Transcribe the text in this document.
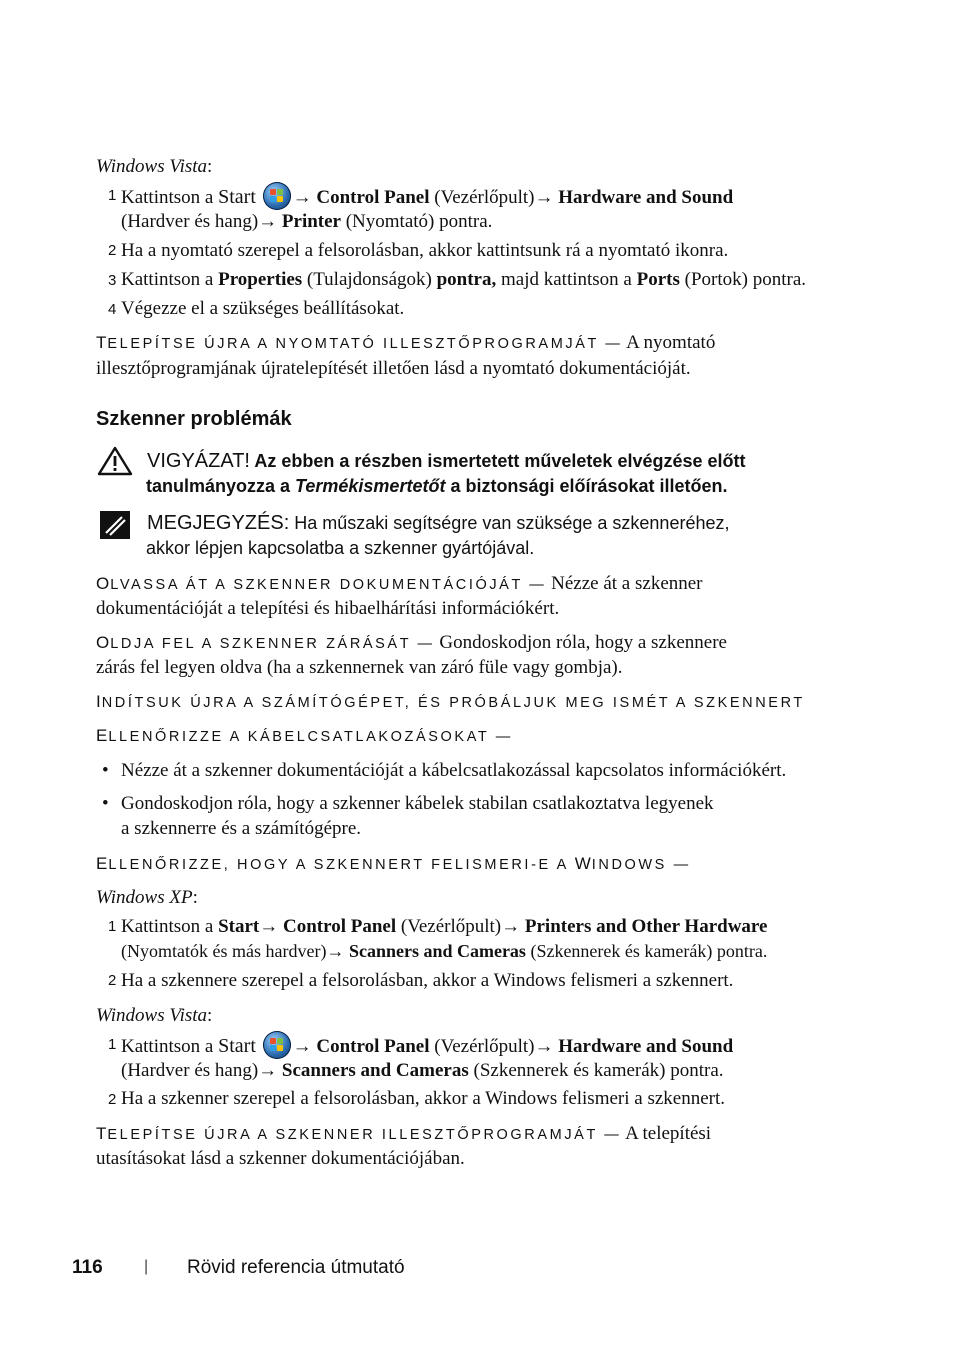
Windows Vista:
1 Kattintson a Start → Control Panel (Vezérlőpult)→ Hardware and Sound
(Hardver és hang)→ Printer (Nyomtató) pontra.
2 Ha a nyomtató szerepel a felsorolásban, akkor kattintsunk rá a nyomtató ikonra.
3 Kattintson a Properties (Tulajdonságok) pontra, majd kattintson a Ports (Portok) pontra.
4 Végezze el a szükséges beállításokat.
TELEPÍTSE ÚJRA A NYOMTATÓ ILLESZTŐPROGRAMJÁT — A nyomtató
illesztőprogramjának újratelepítését illetően lásd a nyomtató dokumentációját.
Szkenner problémák
VIGYÁZAT! Az ebben a részben ismertetett műveletek elvégzése előtt
tanulmányozza a Termékismertetőt a biztonsági előírásokat illetően.
MEGJEGYZÉS: Ha műszaki segítségre van szüksége a szkenneréhez,
akkor lépjen kapcsolatba a szkenner gyártójával.
OLVASSA ÁT A SZKENNER DOKUMENTÁCIÓJÁT — Nézze át a szkenner
dokumentációját a telepítési és hibaelhárítási információkért.
OLDJA FEL A SZKENNER ZÁRÁSÁT — Gondoskodjon róla, hogy a szkennere
zárás fel legyen oldva (ha a szkennernek van záró füle vagy gombja).
INDÍTSUK ÚJRA A SZÁMÍTÓGÉPET, ÉS PRÓBÁLJUK MEG ISMÉT A SZKENNERT
ELLENŐRIZZE A KÁBELCSATLAKOZÁSOKAT —
• Nézze át a szkenner dokumentációját a kábelcsatlakozással kapcsolatos információkért.
• Gondoskodjon róla, hogy a szkenner kábelek stabilan csatlakoztatva legyenek
a szkennerre és a számítógépre.
ELLENŐRIZZE, HOGY A SZKENNERT FELISMERI-E A WINDOWS —
Windows XP:
1 Kattintson a Start→ Control Panel (Vezérlőpult)→ Printers and Other Hardware
(Nyomtatók és más hardver)→ Scanners and Cameras (Szkennerek és kamerák) pontra.
2 Ha a szkennere szerepel a felsorolásban, akkor a Windows felismeri a szkennert.
Windows Vista:
1 Kattintson a Start → Control Panel (Vezérlőpult)→ Hardware and Sound
(Hardver és hang)→ Scanners and Cameras (Szkennerek és kamerák) pontra.
2 Ha a szkenner szerepel a felsorolásban, akkor a Windows felismeri a szkennert.
TELEPÍTSE ÚJRA A SZKENNER ILLESZTŐPROGRAMJÁT — A telepítési
utasításokat lásd a szkenner dokumentációjában.
116	| Rövid referencia útmutató
